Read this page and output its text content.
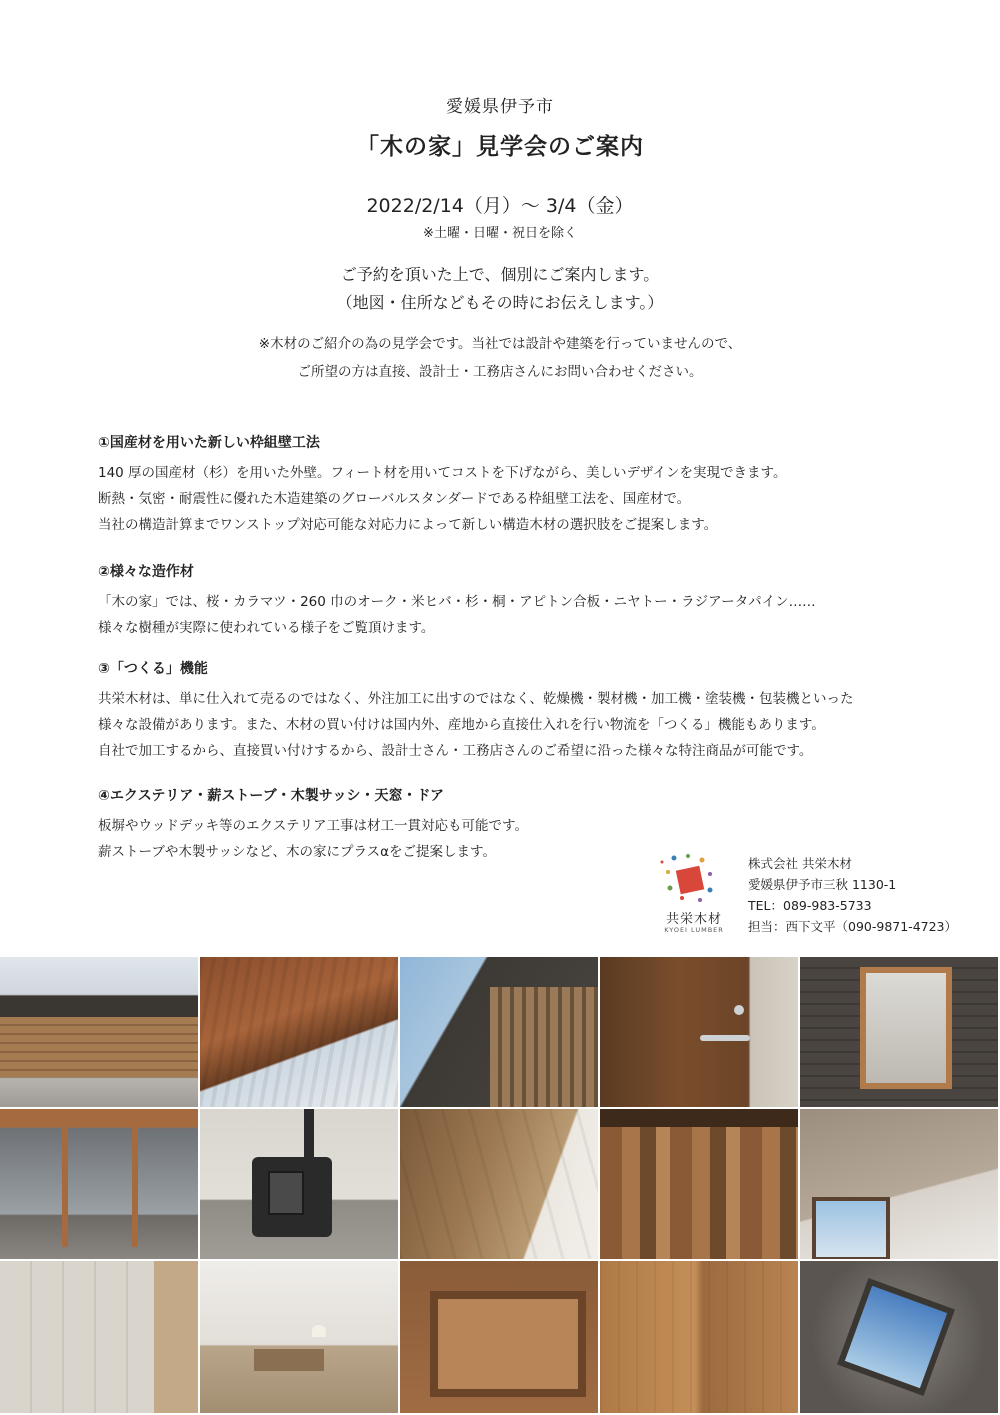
愛媛県伊予市
「木の家」見学会のご案内
2022/2/14（月）～ 3/4（金）
※土曜・日曜・祝日を除く
ご予約を頂いた上で、個別にご案内します。
（地図・住所などもその時にお伝えします。）
※木材のご紹介の為の見学会です。当社では設計や建築を行っていませんので、
ご所望の方は直接、設計士・工務店さんにお問い合わせください。
①国産材を用いた新しい枠組壁工法

140 厚の国産材（杉）を用いた外壁。フィート材を用いてコストを下げながら、美しいデザインを実現できます。

断熱・気密・耐震性に優れた木造建築のグローバルスタンダードである枠組壁工法を、国産材で。

当社の構造計算までワンストップ対応可能な対応力によって新しい構造木材の選択肢をご提案します。

②様々な造作材

「木の家」では、桜・カラマツ・260 巾のオーク・米ヒバ・杉・桐・アピトン合板・ニヤトー・ラジアータパイン……

様々な樹種が実際に使われている様子をご覧頂けます。

③「つくる」機能

共栄木材は、単に仕入れて売るのではなく、外注加工に出すのではなく、乾燥機・製材機・加工機・塗装機・包装機といった

様々な設備があります。また、木材の買い付けは国内外、産地から直接仕入れを行い物流を「つくる」機能もあります。

自社で加工するから、直接買い付けするから、設計士さん・工務店さんのご希望に沿った様々な特注商品が可能です。

④エクステリア・薪ストーブ・木製サッシ・天窓・ドア

板塀やウッドデッキ等のエクステリア工事は材工一貫対応も可能です。

薪ストーブや木製サッシなど、木の家にプラスαをご提案します。

共栄木材
KYOEI LUMBER
株式会社 共栄木材
愛媛県伊予市三秋 1130-1
TEL：089-983-5733
担当：西下文平（090-9871-4723）
